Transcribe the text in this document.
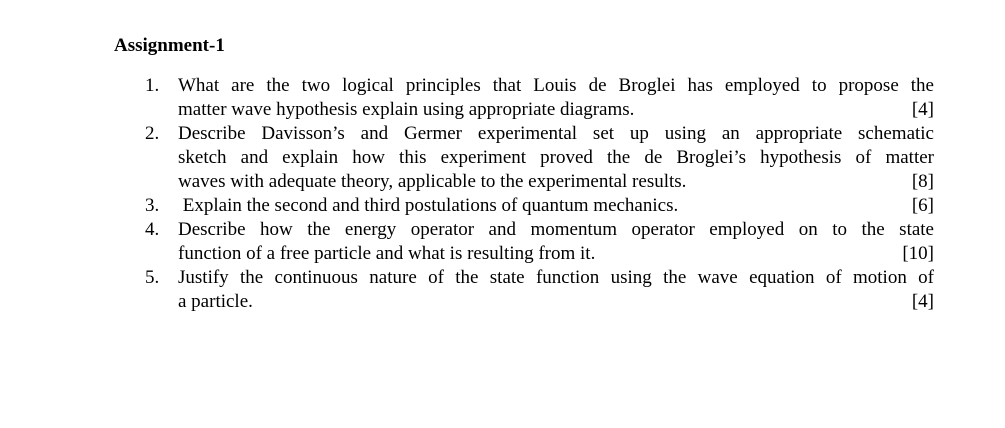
Assignment-1
1. What are the two logical principles that Louis de Broglei has employed to propose the
matter wave hypothesis explain using appropriate diagrams.	[4]
2. Describe Davisson’s and Germer experimental set up using an appropriate schematic
sketch and explain how this experiment proved the de Broglei’s hypothesis of matter
waves with adequate theory, applicable to the experimental results.	[8]
3. Explain the second and third postulations of quantum mechanics.	[6]
4. Describe how the energy operator and momentum operator employed on to the state
function of a free particle and what is resulting from it.	[10]
5. Justify the continuous nature of the state function using the wave equation of motion of
a particle.	[4]
